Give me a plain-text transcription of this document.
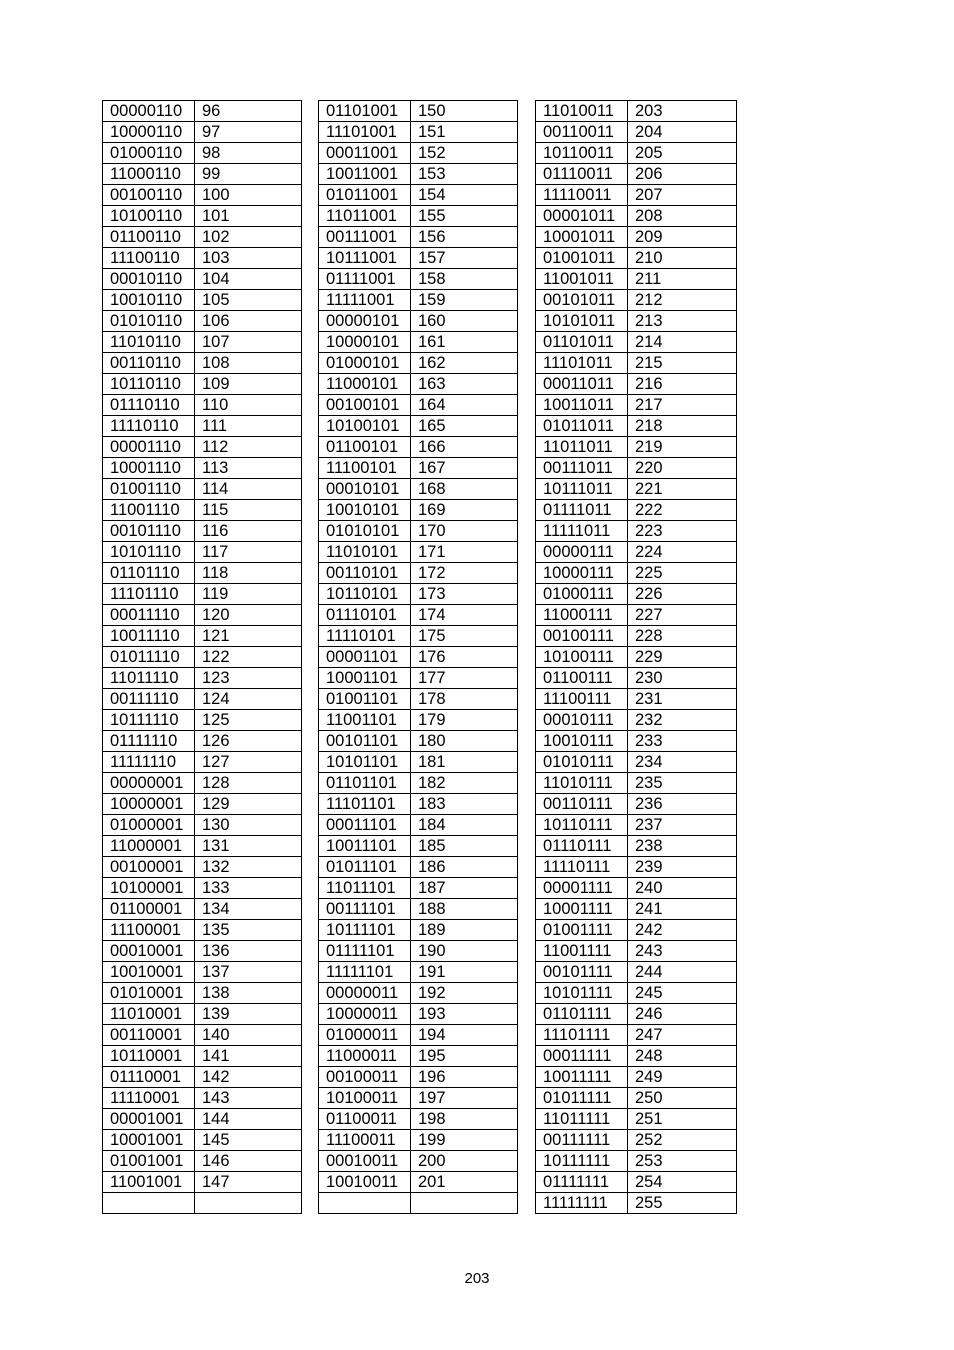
00000110	96
10000110	97
01000110	98
11000110	99
00100110	100
10100110	101
01100110	102
11100110	103
00010110	104
10010110	105
01010110	106
11010110	107
00110110	108
10110110	109
01110110	110
11110110	111
00001110	112
10001110	113
01001110	114
11001110	115
00101110	116
10101110	117
01101110	118
11101110	119
00011110	120
10011110	121
01011110	122
11011110	123
00111110	124
10111110	125
01111110	126
11111110	127
00000001	128
10000001	129
01000001	130
11000001	131
00100001	132
10100001	133
01100001	134
11100001	135
00010001	136
10010001	137
01010001	138
11010001	139
00110001	140
10110001	141
01110001	142
11110001	143
00001001	144
10001001	145
01001001	146
11001001	147

01101001	150
11101001	151
00011001	152
10011001	153
01011001	154
11011001	155
00111001	156
10111001	157
01111001	158
11111001	159
00000101	160
10000101	161
01000101	162
11000101	163
00100101	164
10100101	165
01100101	166
11100101	167
00010101	168
10010101	169
01010101	170
11010101	171
00110101	172
10110101	173
01110101	174
11110101	175
00001101	176
10001101	177
01001101	178
11001101	179
00101101	180
10101101	181
01101101	182
11101101	183
00011101	184
10011101	185
01011101	186
11011101	187
00111101	188
10111101	189
01111101	190
11111101	191
00000011	192
10000011	193
01000011	194
11000011	195
00100011	196
10100011	197
01100011	198
11100011	199
00010011	200
10010011	201

11010011	203
00110011	204
10110011	205
01110011	206
11110011	207
00001011	208
10001011	209
01001011	210
11001011	211
00101011	212
10101011	213
01101011	214
11101011	215
00011011	216
10011011	217
01011011	218
11011011	219
00111011	220
10111011	221
01111011	222
11111011	223
00000111	224
10000111	225
01000111	226
11000111	227
00100111	228
10100111	229
01100111	230
11100111	231
00010111	232
10010111	233
01010111	234
11010111	235
00110111	236
10110111	237
01110111	238
11110111	239
00001111	240
10001111	241
01001111	242
11001111	243
00101111	244
10101111	245
01101111	246
11101111	247
00011111	248
10011111	249
01011111	250
11011111	251
00111111	252
10111111	253
01111111	254
11111111	255
203
